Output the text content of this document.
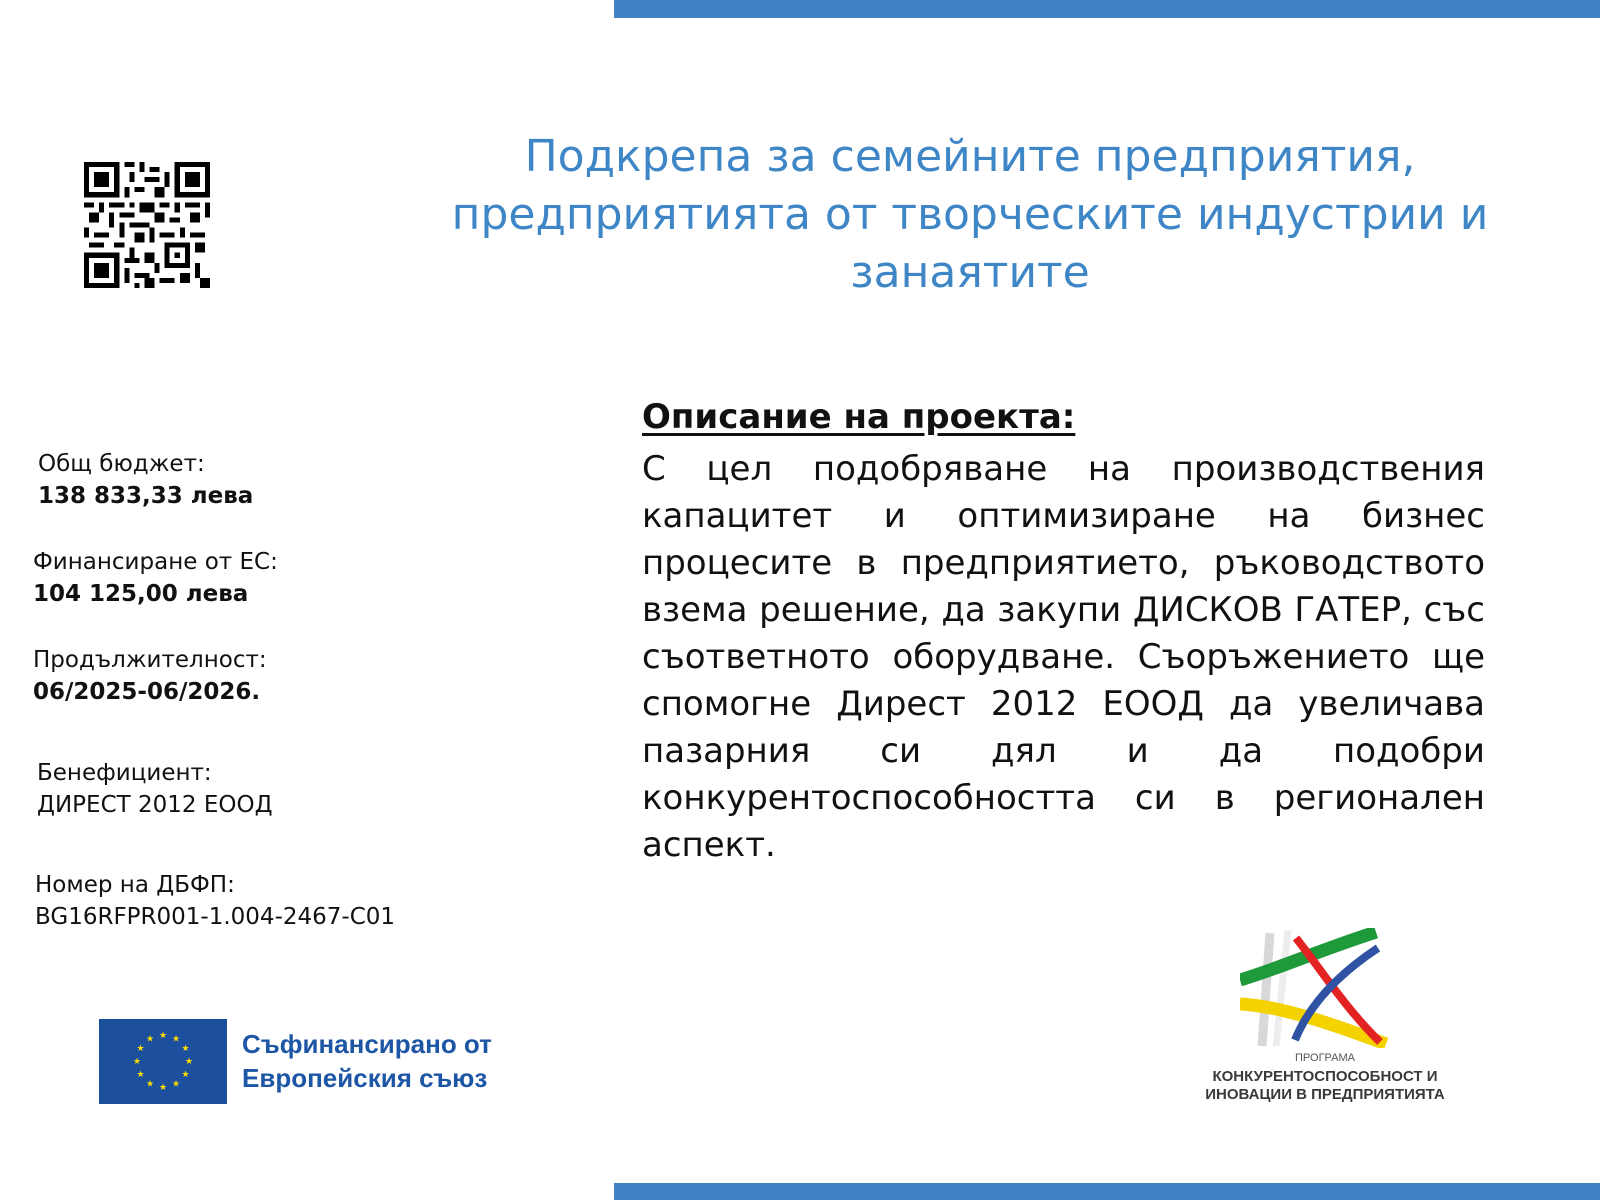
Подкрепа за семейните предприятия, предприятията от творческите индустрии и занаятите
Общ бюджет:
138 833,33 лева
Финансиране от ЕС:
104 125,00 лева
Продължителност:
06/2025-06/2026.
Бенефициент:
ДИРЕСТ 2012 ЕООД
Номер на ДБФП:
BG16RFPR001-1.004-2467-C01
Описание на проекта:

С цел подобряване на производствения капацитет и оптимизиране на бизнес процесите в предприятието, ръководството взема решение, да закупи ДИСКОВ ГАТЕР, със съответното оборудване. Съоръжението ще спомогне Дирест 2012 ЕООД да увеличава пазарния си дял и да подобри конкурентоспособността си в регионален аспект.

★ ★
★
★
★
★
★
★
★
★
★
★	Съфинансирано от
Европейския съюз
ПРОГРАМА
КОНКУРЕНТОСПОСОБНОСТ И
ИНОВАЦИИ В ПРЕДПРИЯТИЯТА
